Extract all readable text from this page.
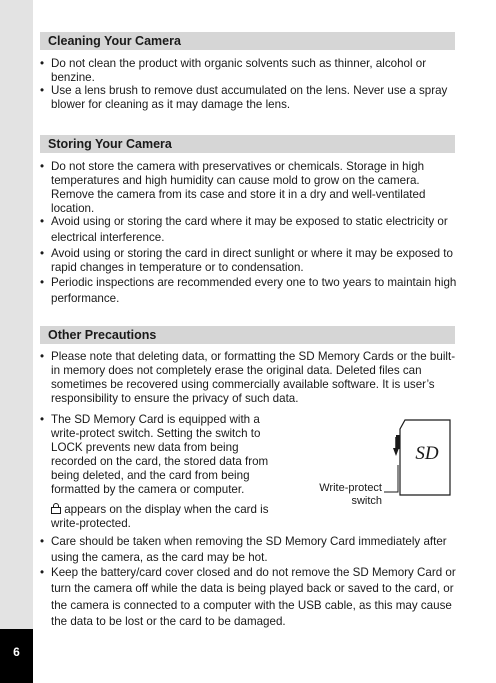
6
Cleaning Your Camera
• Do not clean the product with organic solvents such as thinner, alcohol or benzine.
• Use a lens brush to remove dust accumulated on the lens. Never use a spray blower for cleaning as it may damage the lens.
Storing Your Camera
• Do not store the camera with preservatives or chemicals. Storage in high temperatures and high humidity can cause mold to grow on the camera. Remove the camera from its case and store it in a dry and well-ventilated location.
• Avoid using or storing the card where it may be exposed to static electricity or electrical interference.
• Avoid using or storing the card in direct sunlight or where it may be exposed to rapid changes in temperature or to condensation.
• Periodic inspections are recommended every one to two years to maintain high performance.
Other Precautions
• Please note that deleting data, or formatting the SD Memory Cards or the built-in memory does not completely erase the original data. Deleted files can sometimes be recovered using commercially available software. It is user’s responsibility to ensure the privacy of such data.
• The SD Memory Card is equipped with a write-protect switch. Setting the switch to LOCK prevents new data from being recorded on the card, the stored data from being deleted, and the card from being formatted by the camera or computer.
appears on the display when the card is write-protected.
• Care should be taken when removing the SD Memory Card immediately after using the camera, as the card may be hot.
• Keep the battery/card cover closed and do not remove the SD Memory Card or turn the camera off while the data is being played back or saved to the card, or the camera is connected to a computer with the USB cable, as this may cause the data to be lost or the card to be damaged.
SD
Write-protect
switch
